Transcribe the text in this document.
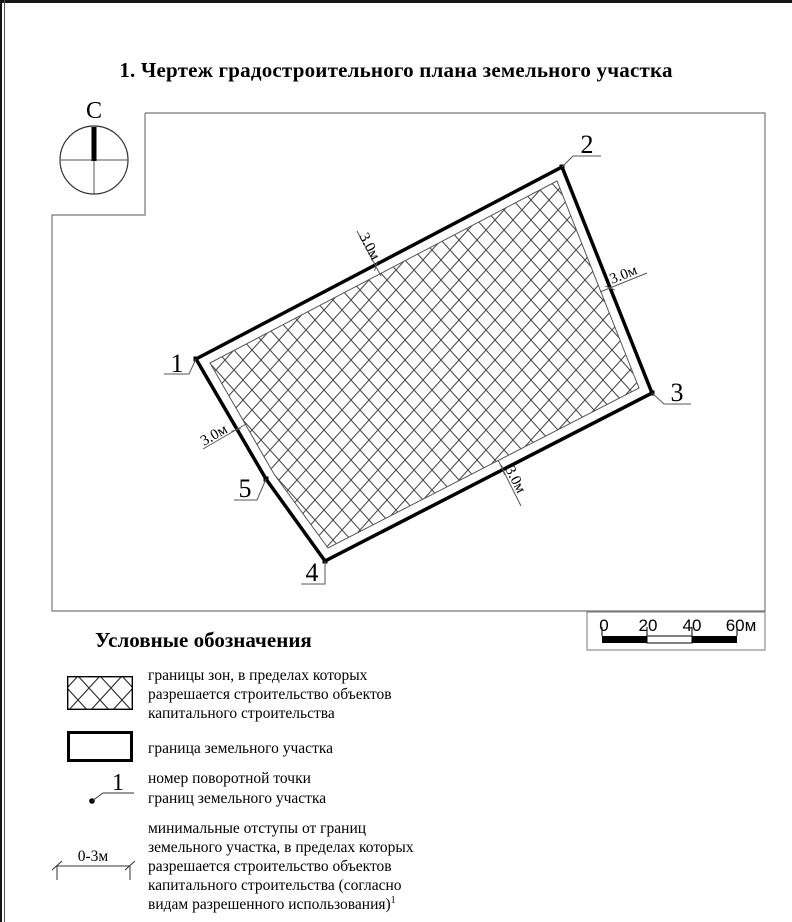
1. Чертеж градостроительного плана земельного участка
С
1
2
3
4
5
3.0м
3.0м
3.0м
3.0м
0 20 40 60м
Условные обозначения
границы зон, в пределах которых
разрешается строительство объектов
капитального строительства
граница земельного участка
1 номер поворотной точки
границ земельного участка
0-3м
минимальные отступы от границ
земельного участка, в пределах которых
разрешается строительство объектов
капитального строительства (согласно
видам разрешенного использования)$^1$
